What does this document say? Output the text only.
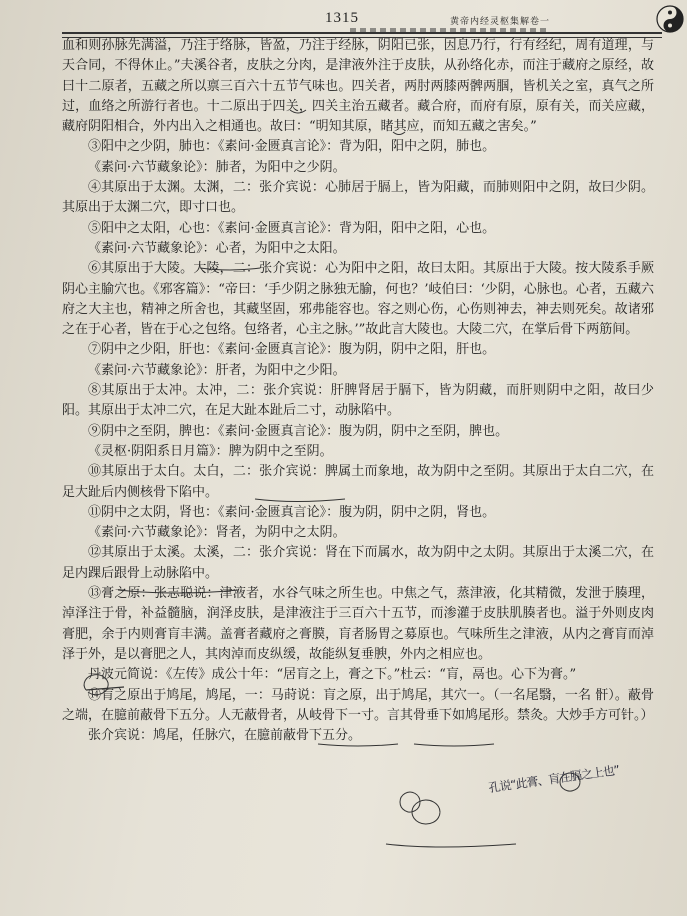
1315	黄帝内经灵枢集解卷一

血和则孙脉先满溢，乃注于络脉，皆盈，乃注于经脉，阴阳已张，因息乃行，行有经纪，周有道理，与天合同，不得休止。”夫溪谷者，皮肤之分肉，是津液外注于皮肤，从孙络化赤，而注于藏府之原经，故曰十二原者，五藏之所以禀三百六十五节气味也。四关者，两肘两膝两髀两腘，皆机关之室，真气之所过，血络之所游行者也。十二原出于四关，四关主治五藏者。藏合府，而府有原，原有关，而关应藏，藏府阴阳相合，外内出入之相通也。故曰：“明知其原，睹其应，而知五藏之害矣。”

③阳中之少阴，肺也：《素问·金匮真言论》：背为阳，阳中之阴，肺也。

《素问·六节藏象论》：肺者，为阳中之少阴。

④其原出于太渊。太渊，二：张介宾说：心肺居于膈上，皆为阳藏，而肺则阳中之阴，故曰少阴。其原出于太渊二穴，即寸口也。

⑤阳中之太阳，心也：《素问·金匮真言论》：背为阳，阳中之阳，心也。

《素问·六节藏象论》：心者，为阳中之太阳。

⑥其原出于大陵。大陵，二：张介宾说：心为阳中之阳，故曰太阳。其原出于大陵。按大陵系手厥阴心主腧穴也。《邪客篇》：“帝曰：‘手少阴之脉独无腧，何也？’岐伯曰：‘少阴，心脉也。心者，五藏六府之大主也，精神之所舍也，其藏坚固，邪弗能容也。容之则心伤，心伤则神去，神去则死矣。故诸邪之在于心者，皆在于心之包络。包络者，心主之脉。’”故此言大陵也。大陵二穴，在掌后骨下两筋间。

⑦阴中之少阳，肝也：《素问·金匮真言论》：腹为阴，阴中之阳，肝也。

《素问·六节藏象论》：肝者，为阳中之少阳。

⑧其原出于太冲。太冲，二：张介宾说：肝脾肾居于膈下，皆为阴藏，而肝则阴中之阳，故曰少阳。其原出于太冲二穴，在足大趾本趾后二寸，动脉陷中。

⑨阴中之至阴，脾也：《素问·金匮真言论》：腹为阴，阴中之至阴，脾也。

《灵枢·阴阳系日月篇》：脾为阴中之至阴。

⑩其原出于太白。太白，二：张介宾说：脾属土而象地，故为阴中之至阴。其原出于太白二穴，在足大趾后内侧核骨下陷中。

⑪阴中之太阴，肾也：《素问·金匮真言论》：腹为阴，阴中之阴，肾也。

《素问·六节藏象论》：肾者，为阴中之太阴。

⑫其原出于太溪。太溪，二：张介宾说：肾在下而属水，故为阴中之太阴。其原出于太溪二穴，在足内踝后跟骨上动脉陷中。

⑬膏之原：张志聪说：津液者，水谷气味之所生也。中焦之气，蒸津液，化其精微，发泄于腠理，淖泽注于骨，补益髓脑，润泽皮肤，是津液注于三百六十五节，而渗灌于皮肤肌腠者也。溢于外则皮肉膏肥，余于内则膏肓丰满。盖膏者藏府之膏膜，肓者肠胃之募原也。气味所生之津液，从内之膏肓而淖泽于外，是以膏肥之人，其肉淖而皮纵缓，故能纵复垂腴，外内之相应也。

丹波元简说：《左传》成公十年：“居肓之上，膏之下。”杜云：“肓，鬲也。心下为膏。”

⑭肓之原出于鸠尾，鸠尾，一：马莳说：肓之原，出于鸠尾，其穴一。（一名尾翳，一名 骭）。蔽骨之端，在臆前蔽骨下五分。人无蔽骨者，从岐骨下一寸。言其骨垂下如鸠尾形。禁灸。大炒手方可针。）

张介宾说：鸠尾，任脉穴，在臆前蔽骨下五分。

孔说“此膏、肓在膈之上也”
